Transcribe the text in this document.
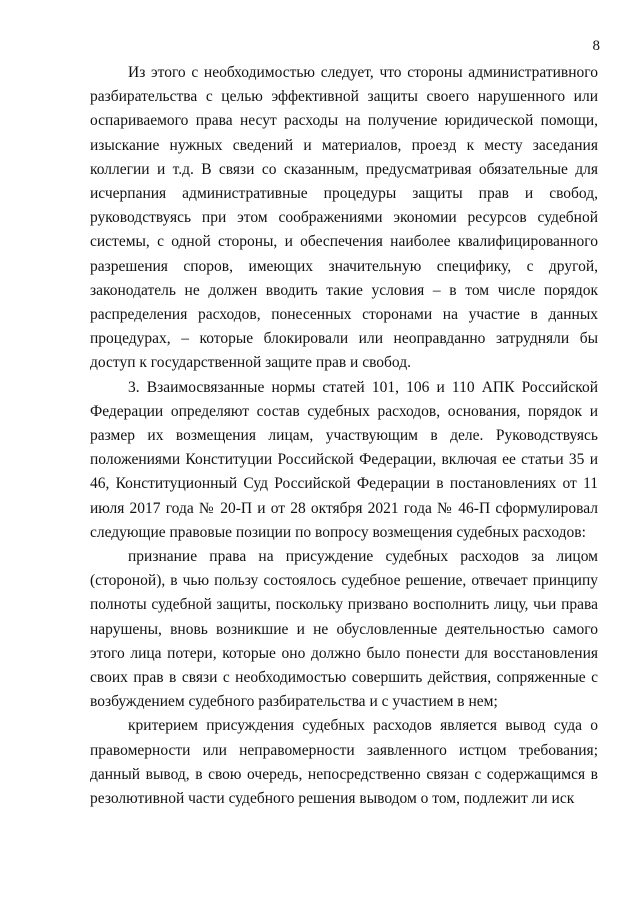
8

Из этого с необходимостью следует, что стороны административного разбирательства с целью эффективной защиты своего нарушенного или оспариваемого права несут расходы на получение юридической помощи, изыскание нужных сведений и материалов, проезд к месту заседания коллегии и т.д. В связи со сказанным, предусматривая обязательные для исчерпания административные процедуры защиты прав и свобод, руководствуясь при этом соображениями экономии ресурсов судебной системы, с одной стороны, и обеспечения наиболее квалифицированного разрешения споров, имеющих значительную специфику, с другой, законодатель не должен вводить такие условия – в том числе порядок распределения расходов, понесенных сторонами на участие в данных процедурах, – которые блокировали или неоправданно затрудняли бы доступ к государственной защите прав и свобод.

3. Взаимосвязанные нормы статей 101, 106 и 110 АПК Российской Федерации определяют состав судебных расходов, основания, порядок и размер их возмещения лицам, участвующим в деле. Руководствуясь положениями Конституции Российской Федерации, включая ее статьи 35 и 46, Конституционный Суд Российской Федерации в постановлениях от 11 июля 2017 года № 20-П и от 28 октября 2021 года № 46-П сформулировал следующие правовые позиции по вопросу возмещения судебных расходов:

признание права на присуждение судебных расходов за лицом (стороной), в чью пользу состоялось судебное решение, отвечает принципу полноты судебной защиты, поскольку призвано восполнить лицу, чьи права нарушены, вновь возникшие и не обусловленные деятельностью самого этого лица потери, которые оно должно было понести для восстановления своих прав в связи с необходимостью совершить действия, сопряженные с возбуждением судебного разбирательства и с участием в нем;

критерием присуждения судебных расходов является вывод суда о правомерности или неправомерности заявленного истцом требования; данный вывод, в свою очередь, непосредственно связан с содержащимся в резолютивной части судебного решения выводом о том, подлежит ли иск
